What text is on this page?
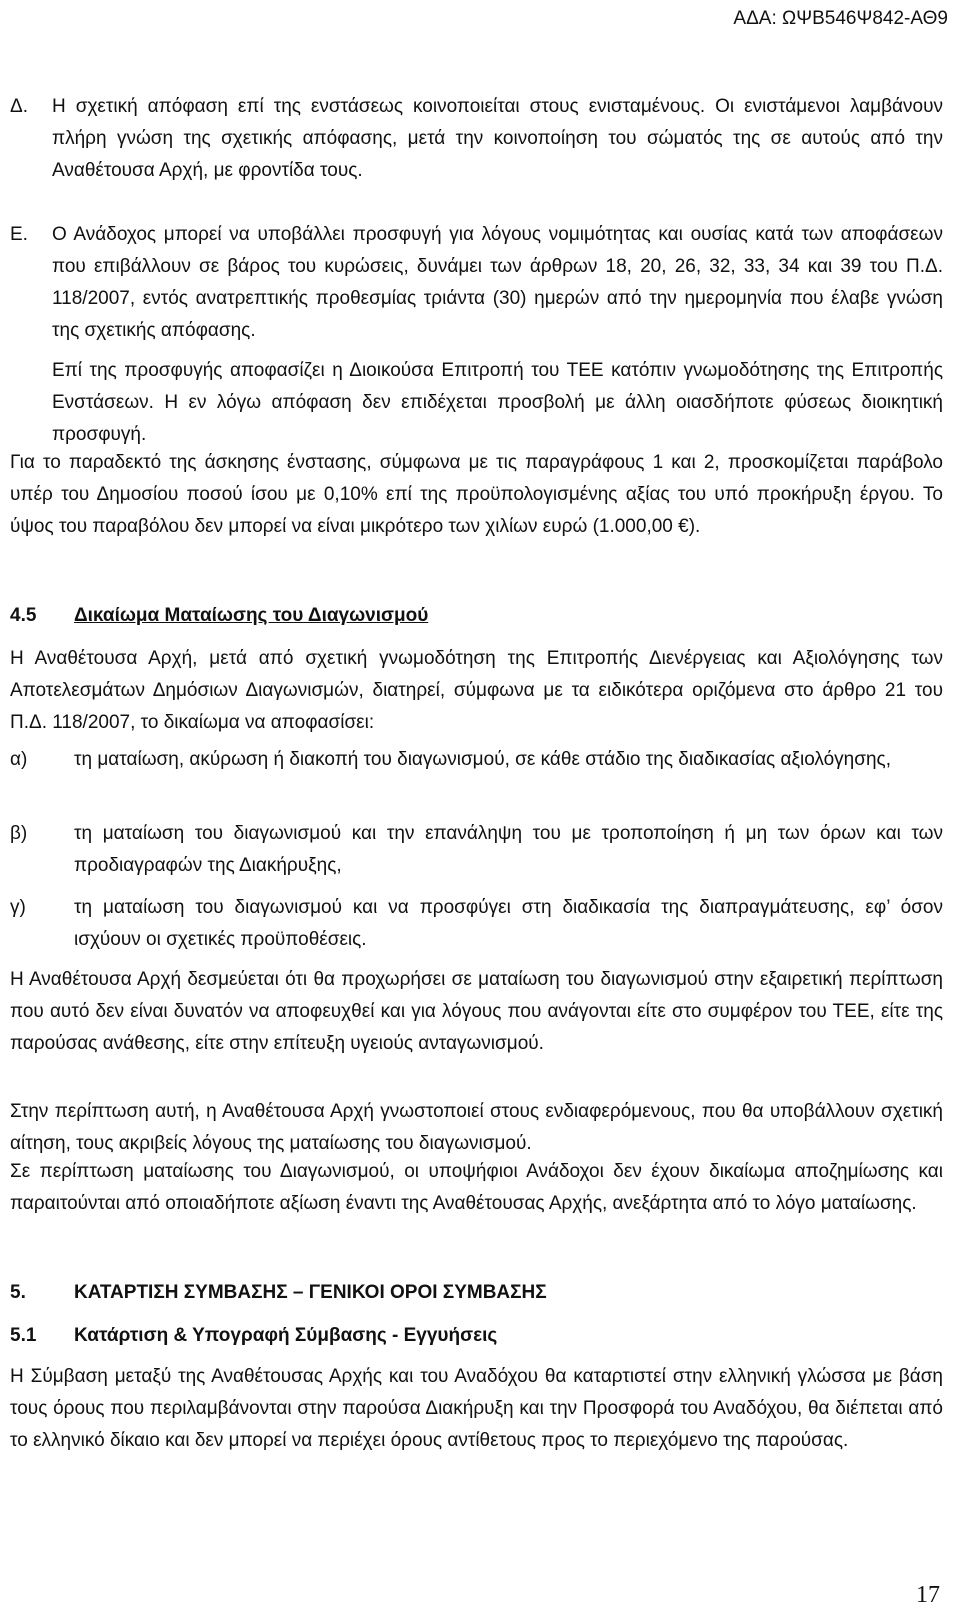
ΑΔΑ: ΩΨΒ546Ψ842-ΑΘ9
Δ. Η σχετική απόφαση επί της ενστάσεως κοινοποιείται στους ενισταμένους. Οι ενιστάμενοι λαμβάνουν πλήρη γνώση της σχετικής απόφασης, μετά την κοινοποίηση του σώματός της σε αυτούς από την Αναθέτουσα Αρχή, με φροντίδα τους.

Ε. Ο Ανάδοχος μπορεί να υποβάλλει προσφυγή για λόγους νομιμότητας και ουσίας κατά των αποφάσεων που επιβάλλουν σε βάρος του κυρώσεις, δυνάμει των άρθρων 18, 20, 26, 32, 33, 34 και 39 του Π.Δ. 118/2007, εντός ανατρεπτικής προθεσμίας τριάντα (30) ημερών από την ημερομηνία που έλαβε γνώση της σχετικής απόφασης.

Επί της προσφυγής αποφασίζει η Διοικούσα Επιτροπή του ΤΕΕ κατόπιν γνωμοδότησης της Επιτροπής Ενστάσεων. Η εν λόγω απόφαση δεν επιδέχεται προσβολή με άλλη οιασδήποτε φύσεως διοικητική προσφυγή.

Για το παραδεκτό της άσκησης ένστασης, σύμφωνα με τις παραγράφους 1 και 2, προσκομίζεται παράβολο υπέρ του Δημοσίου ποσού ίσου με 0,10% επί της προϋπολογισμένης αξίας του υπό προκήρυξη έργου. Το ύψος του παραβόλου δεν μπορεί να είναι μικρότερο των χιλίων ευρώ (1.000,00 €).

4.5 Δικαίωμα Ματαίωσης του Διαγωνισμού

Η Αναθέτουσα Αρχή, μετά από σχετική γνωμοδότηση της Επιτροπής Διενέργειας και Αξιολόγησης των Αποτελεσμάτων Δημόσιων Διαγωνισμών, διατηρεί, σύμφωνα με τα ειδικότερα οριζόμενα στο άρθρο 21 του Π.Δ. 118/2007, το δικαίωμα να αποφασίσει:

α) τη ματαίωση, ακύρωση ή διακοπή του διαγωνισμού, σε κάθε στάδιο της διαδικασίας αξιολόγησης,

β) τη ματαίωση του διαγωνισμού και την επανάληψη του με τροποποίηση ή μη των όρων και των προδιαγραφών της Διακήρυξης,

γ)	τη ματαίωση του διαγωνισμού και να προσφύγει στη διαδικασία της διαπραγμάτευσης, εφ’ όσον ισχύουν οι σχετικές προϋποθέσεις.

Η Αναθέτουσα Αρχή δεσμεύεται ότι θα προχωρήσει σε ματαίωση του διαγωνισμού στην εξαιρετική περίπτωση που αυτό δεν είναι δυνατόν να αποφευχθεί και για λόγους που ανάγονται είτε στο συμφέρον του ΤΕΕ, είτε της παρούσας ανάθεσης, είτε στην επίτευξη υγειούς ανταγωνισμού.

Στην περίπτωση αυτή, η Αναθέτουσα Αρχή γνωστοποιεί στους ενδιαφερόμενους, που θα υποβάλλουν σχετική αίτηση, τους ακριβείς λόγους της ματαίωσης του διαγωνισμού.

Σε περίπτωση ματαίωσης του Διαγωνισμού, οι υποψήφιοι Ανάδοχοι δεν έχουν δικαίωμα αποζημίωσης και παραιτούνται από οποιαδήποτε αξίωση έναντι της Αναθέτουσας Αρχής, ανεξάρτητα από το λόγο ματαίωσης.

5.	ΚΑΤΑΡΤΙΣΗ ΣΥΜΒΑΣΗΣ – ΓΕΝΙΚΟΙ ΟΡΟΙ ΣΥΜΒΑΣΗΣ
5.1 Κατάρτιση & Υπογραφή Σύμβασης - Εγγυήσεις

Η Σύμβαση μεταξύ της Αναθέτουσας Αρχής και του Αναδόχου θα καταρτιστεί στην ελληνική γλώσσα με βάση τους όρους που περιλαμβάνονται στην παρούσα Διακήρυξη και την Προσφορά του Αναδόχου, θα διέπεται από το ελληνικό δίκαιο και δεν μπορεί να περιέχει όρους αντίθετους προς το περιεχόμενο της παρούσας.

17
